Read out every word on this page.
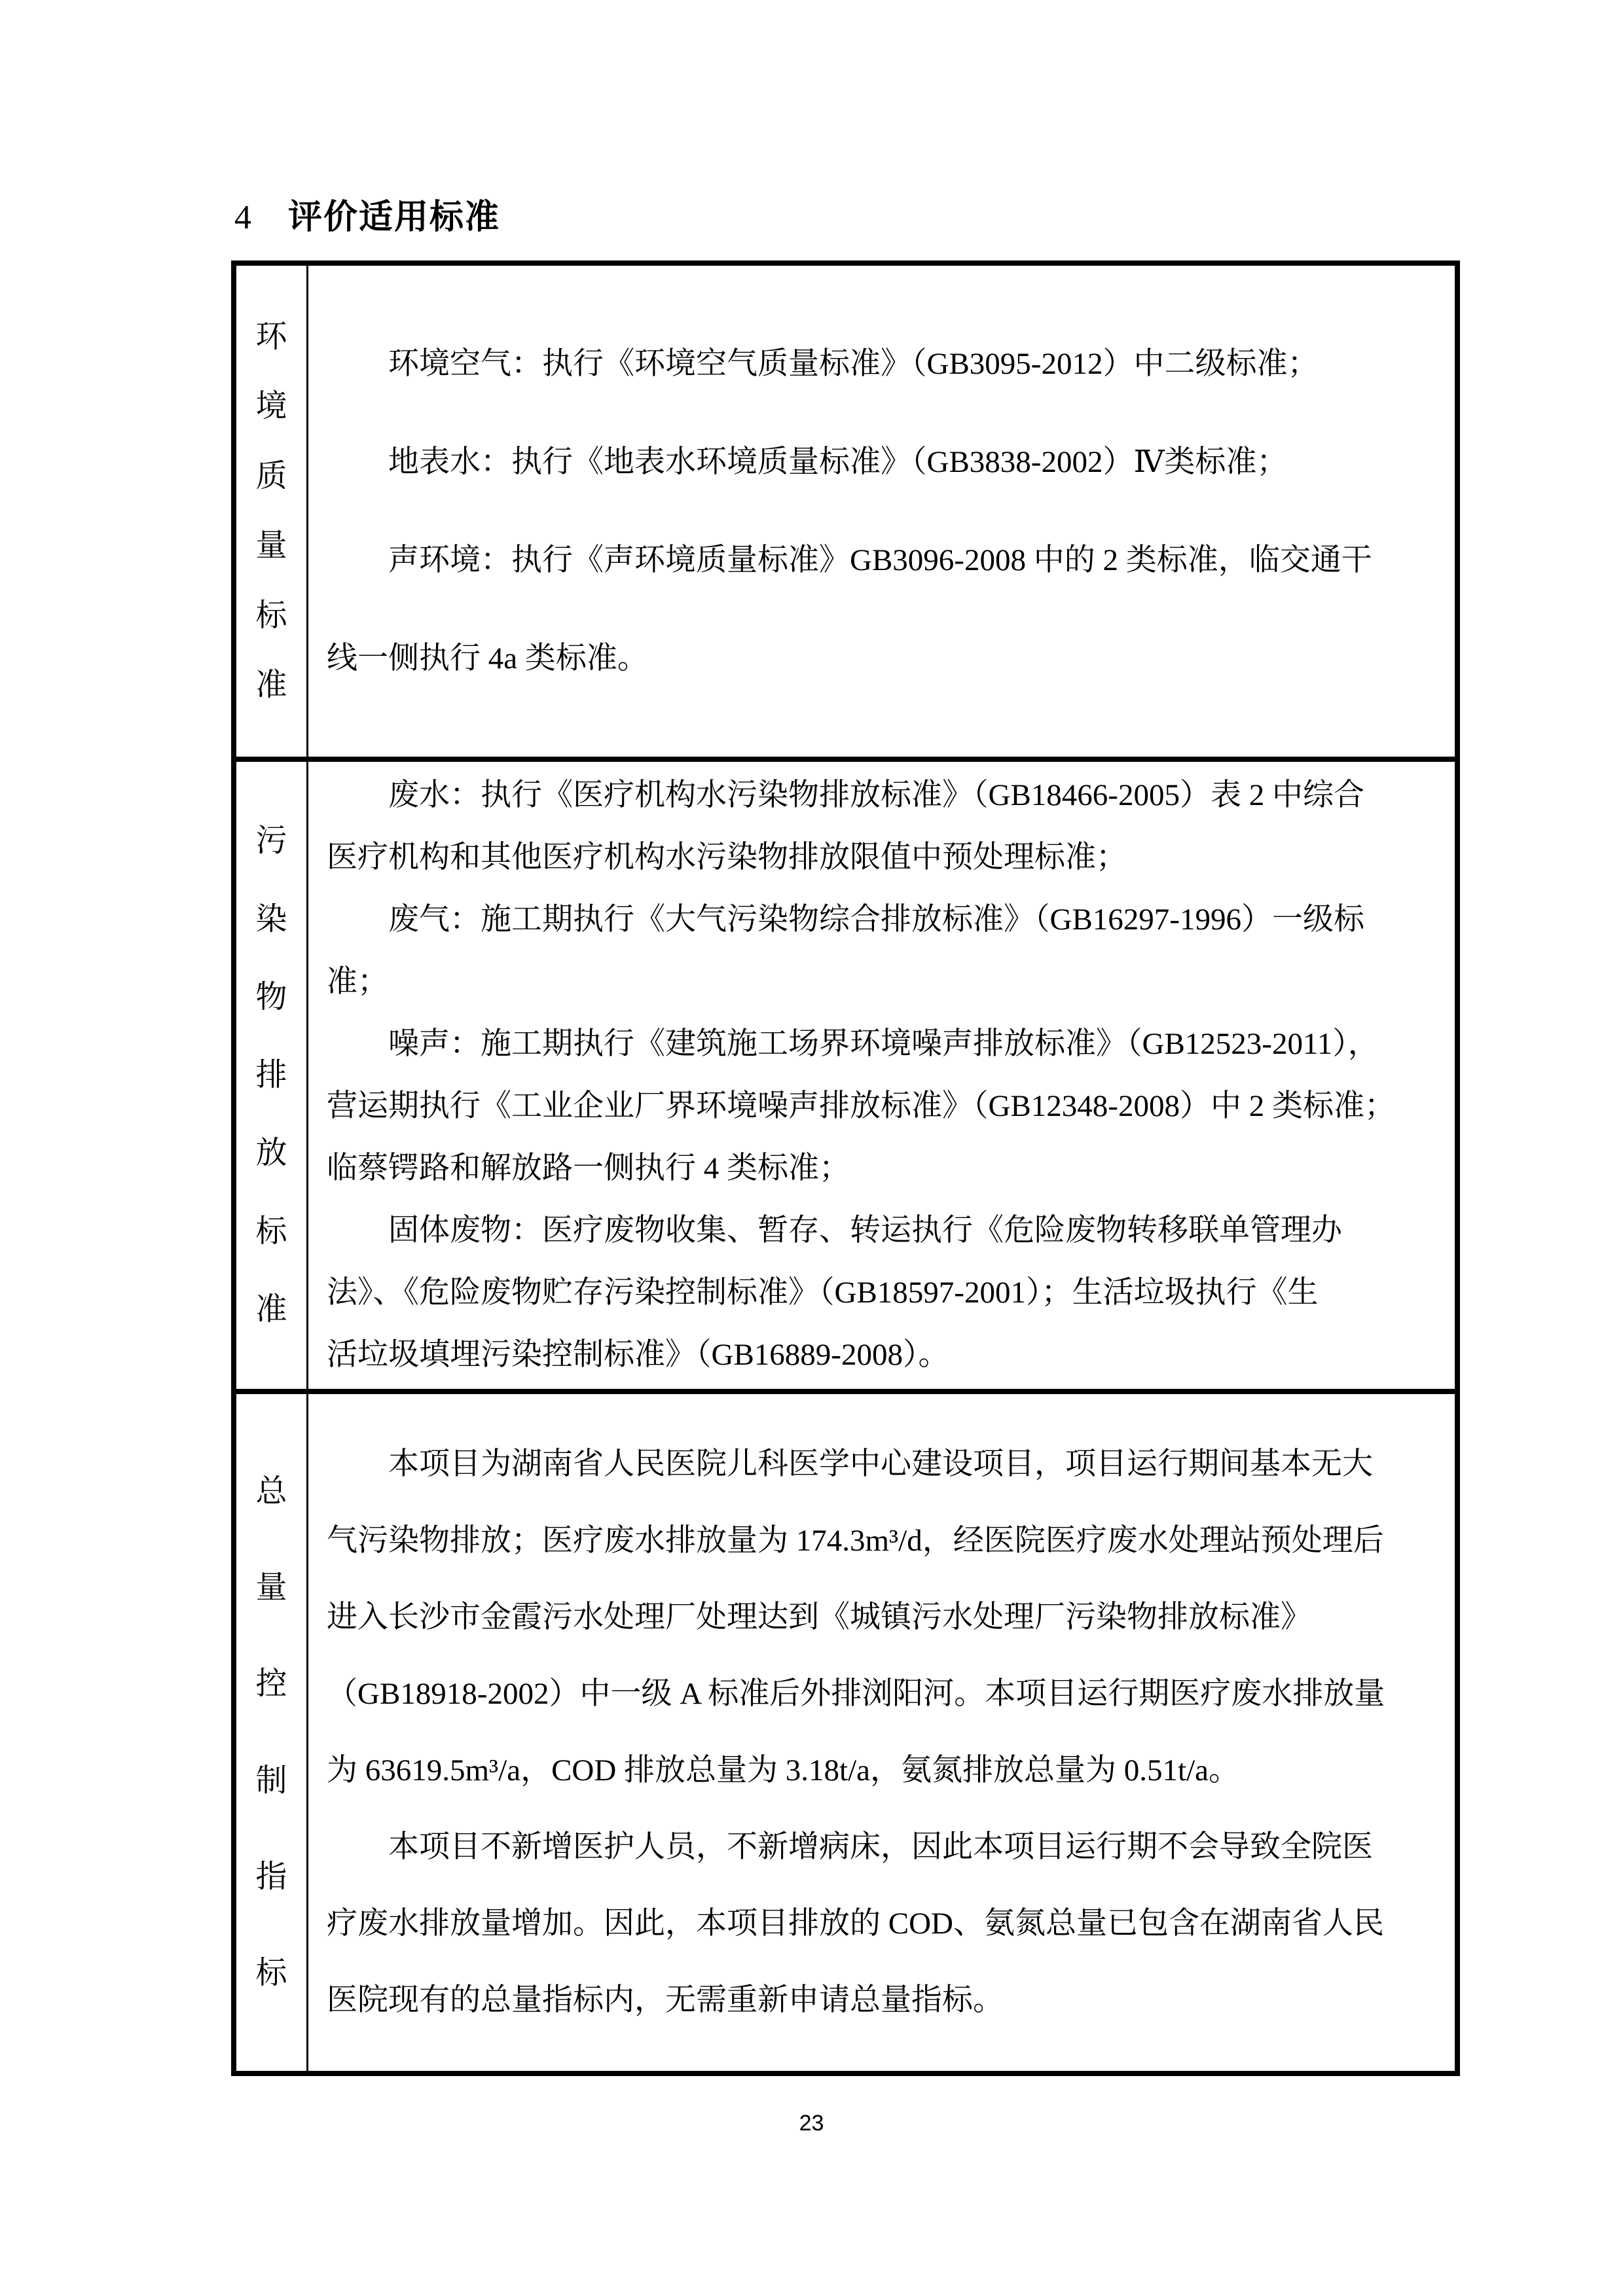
4 评价适用标准
环
境
质
量
标
准
　　环境空气：执行《环境空气质量标准》（GB3095-2012）中二级标准；
　　地表水：执行《地表水环境质量标准》（GB3838-2002）Ⅳ类标准；
　　声环境：执行《声环境质量标准》GB3096-2008 中的 2 类标准，临交通干
线一侧执行 4a 类标准。
污
染
物
排
放
标
准
　　废水：执行《医疗机构水污染物排放标准》（GB18466-2005）表 2 中综合
医疗机构和其他医疗机构水污染物排放限值中预处理标准；
　　废气：施工期执行《大气污染物综合排放标准》（GB16297-1996）一级标
准；
　　噪声：施工期执行《建筑施工场界环境噪声排放标准》（GB12523-2011），
营运期执行《工业企业厂界环境噪声排放标准》（GB12348-2008）中 2 类标准；
临蔡锷路和解放路一侧执行 4 类标准；
　　固体废物：医疗废物收集、暂存、转运执行《危险废物转移联单管理办
法》、《危险废物贮存污染控制标准》（GB18597-2001）；生活垃圾执行《生
活垃圾填埋污染控制标准》（GB16889-2008）。
总
量
控
制
指
标
　　本项目为湖南省人民医院儿科医学中心建设项目，项目运行期间基本无大
气污染物排放；医疗废水排放量为 174.3m³/d，经医院医疗废水处理站预处理后
进入长沙市金霞污水处理厂处理达到《城镇污水处理厂污染物排放标准》
（GB18918-2002）中一级 A 标准后外排浏阳河。本项目运行期医疗废水排放量
为 63619.5m³/a，COD 排放总量为 3.18t/a，氨氮排放总量为 0.51t/a。
　　本项目不新增医护人员，不新增病床，因此本项目运行期不会导致全院医
疗废水排放量增加。因此，本项目排放的 COD、氨氮总量已包含在湖南省人民
医院现有的总量指标内，无需重新申请总量指标。
23
